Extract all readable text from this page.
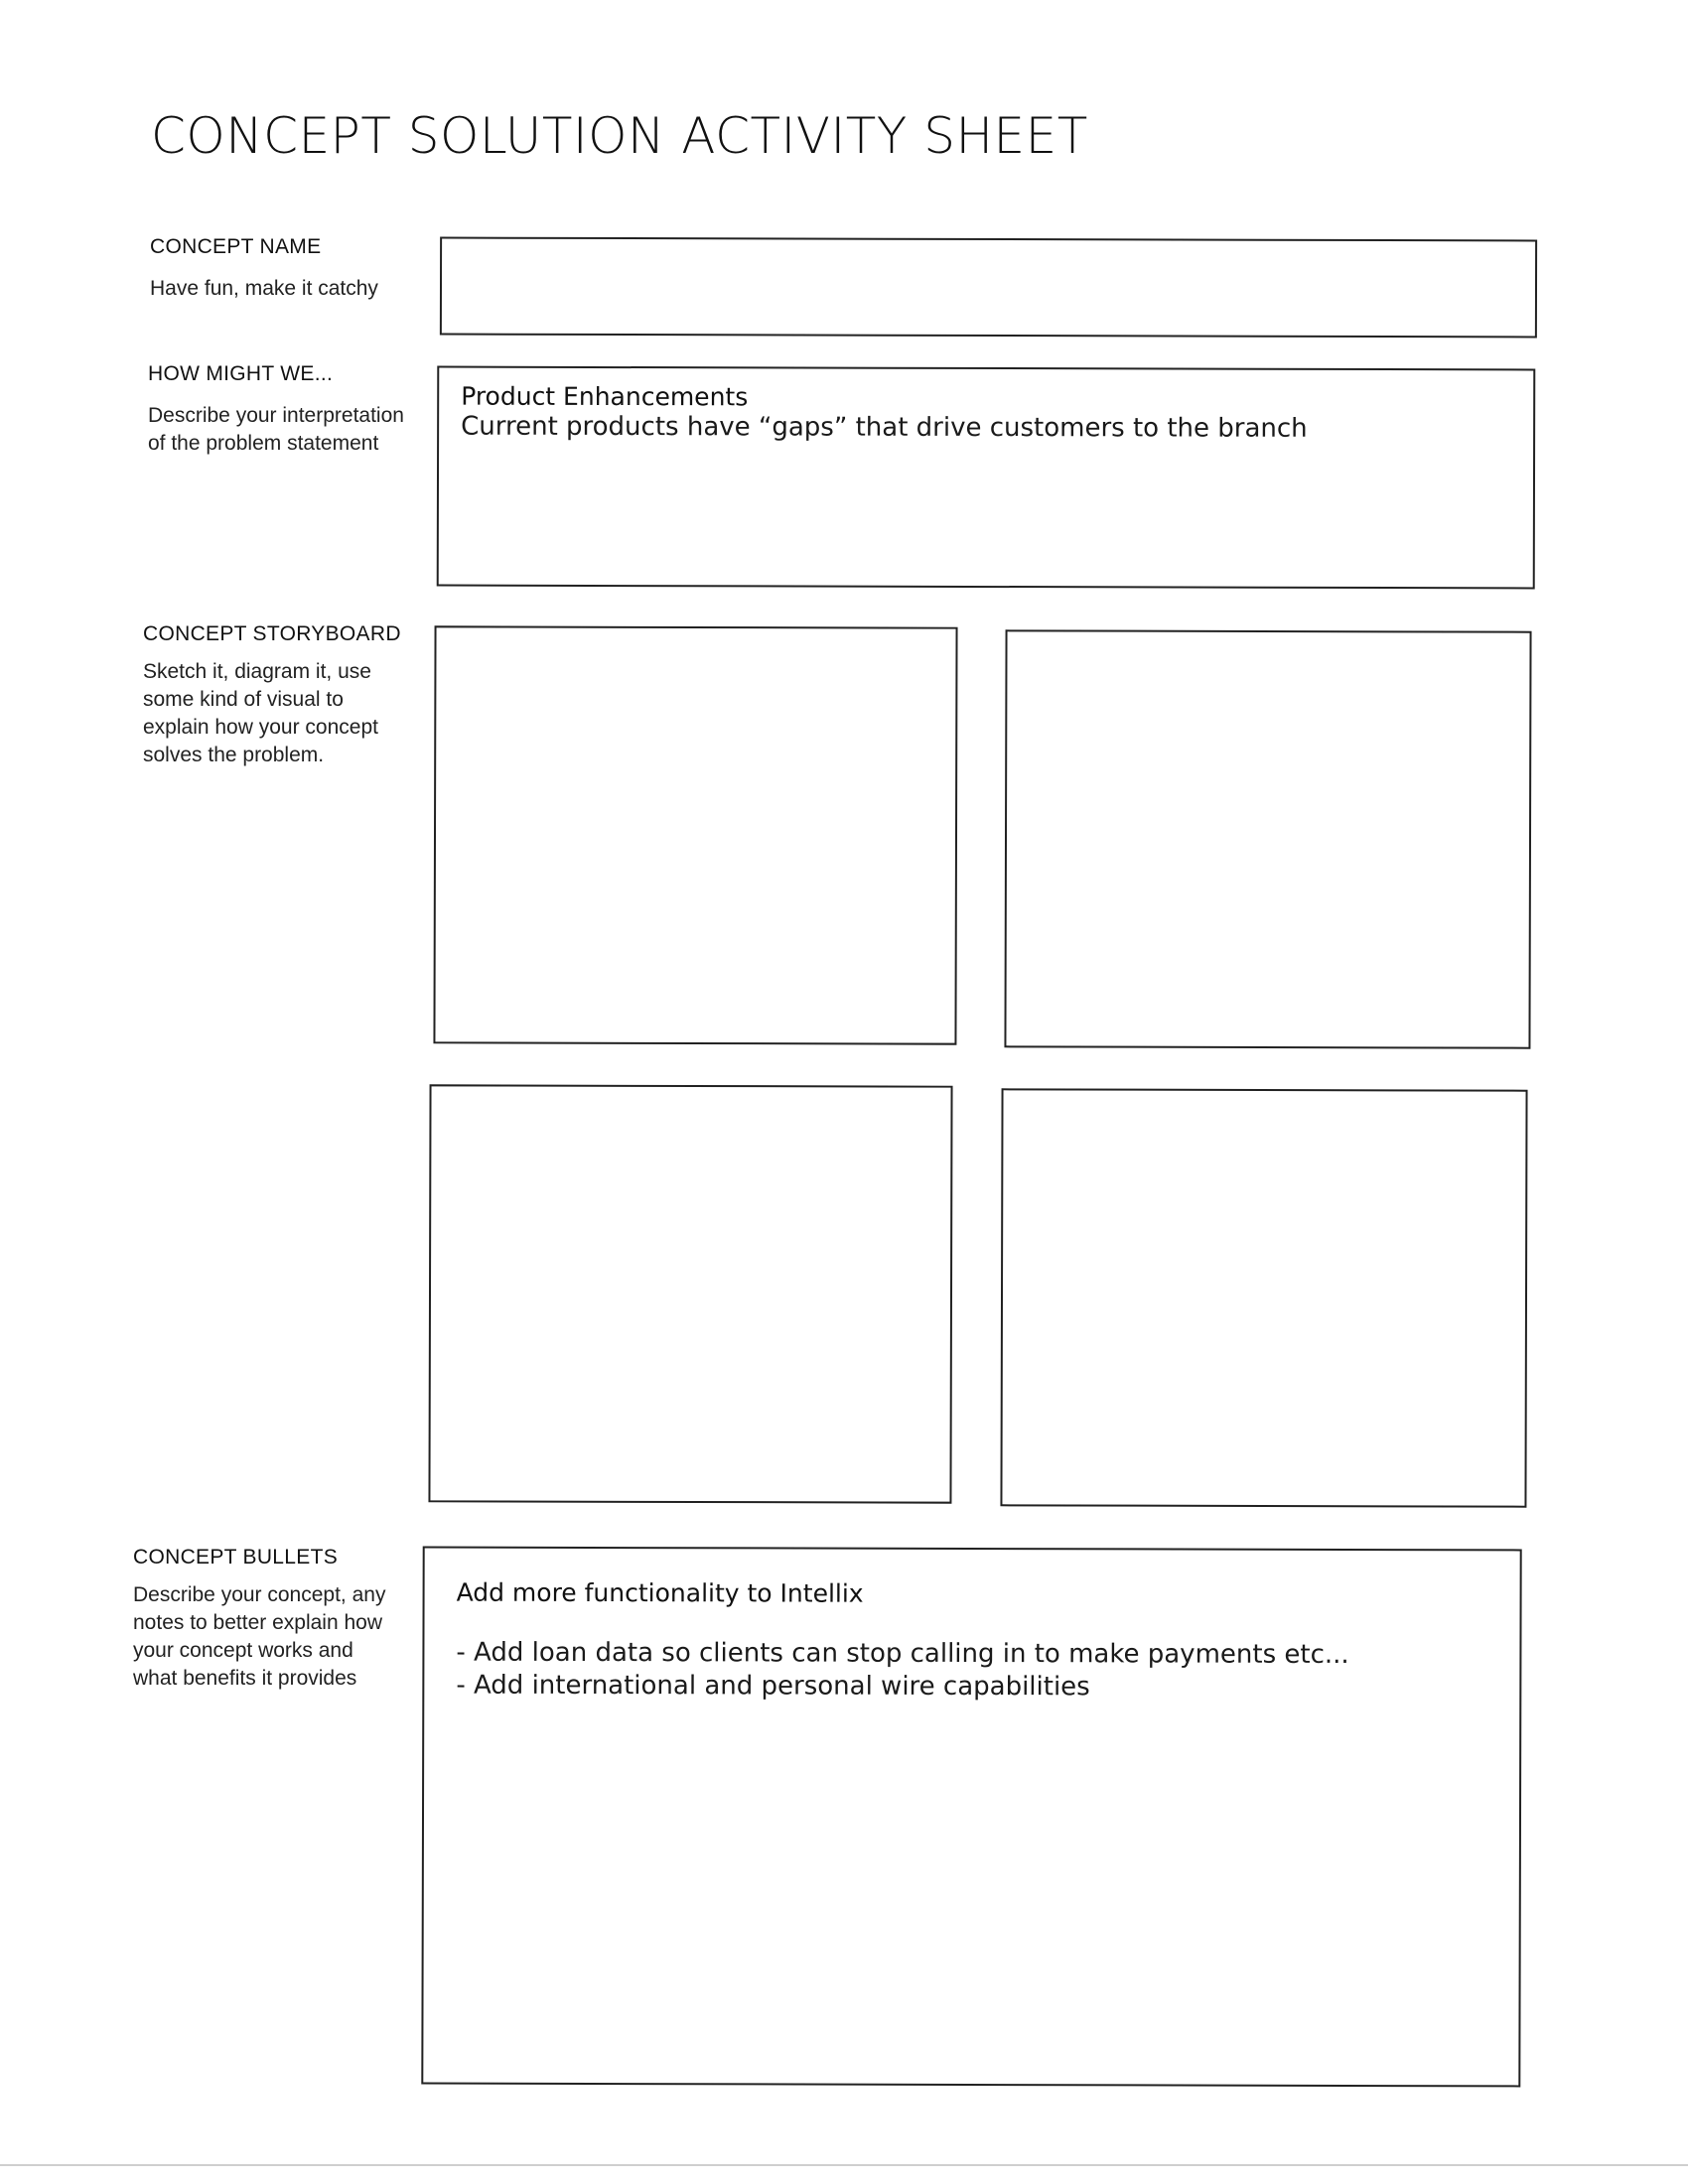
CONCEPT SOLUTION ACTIVITY SHEET
CONCEPT NAME
Have fun, make it catchy
HOW MIGHT WE...
Describe your interpretation
of the problem statement
Product Enhancements
Current products have “gaps” that drive customers to the branch
CONCEPT STORYBOARD
Sketch it, diagram it, use
some kind of visual to
explain how your concept
solves the problem.
CONCEPT BULLETS
Describe your concept, any
notes to better explain how
your concept works and
what benefits it provides
Add more functionality to Intellix
- Add loan data so clients can stop calling in to make payments etc...
- Add international and personal wire capabilities
